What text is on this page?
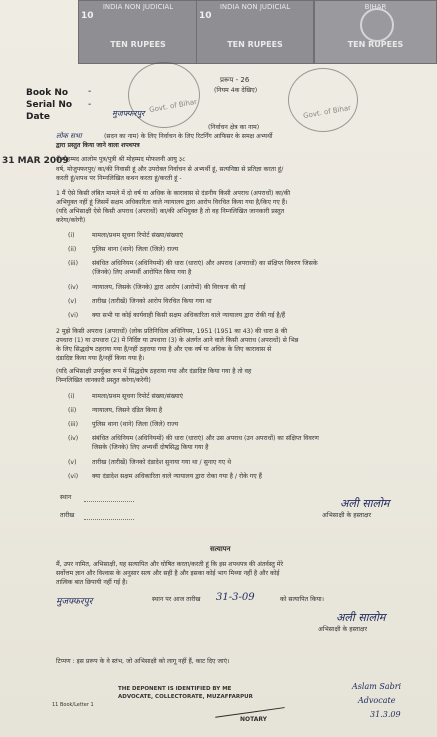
INDIA NON JUDICIAL
10
TEN RUPEES
INDIA NON JUDICIAL
10
TEN RUPEES
BIHAR
TEN RUPEES
Govt. of Bihar	Govt. of Bihar
Book No -
Serial No -
Date	मुजफ्फरपुर
प्ररूप - 26
(नियम 4क देखिए)
(निर्वाचन क्षेत्र का नाम)
31 MAR 2009
लोक सभा	(सदन का नाम) के लिए निर्वाचन के लिए रिटर्निंग आफिसर के समक्ष अभ्यर्थी
द्वारा प्रस्तुत किया जाने वाला शपथपत्र
मैं मोहम्मद आलोम पुत्र/पुत्री श्री मोहम्मद मोफलनी आयु ३८
वर्ष, मोजुफ्फरपुर/ का/की निवासी हूं और उपरोक्त निर्वाचन से अभ्यर्थी हूं, सत्यनिष्ठा से प्रतिज्ञा करता हूं/
करती हूं/शपथ पर निम्नलिखित कथन करता हूं/करती हूं -
1 मैं ऐसे किसी लंबित मामले में दो वर्ष या अधिक के कारावास से दंडनीय किसी अपराध (अपराधों) का/की
अभियुक्त नहीं हूं जिसमें सक्षम अधिकारिता वाले न्यायालय द्वारा आरोप विरचित किया गया है/किए गए हैं।
(यदि अभिसाक्षी ऐसे किसी अपराध (अपराधों) का/की अभियुक्त है तो वह निम्नलिखित जानकारी प्रस्तुत
करेगा/करेगी)
(i)	मामला/प्रथम सूचना रिपोर्ट संख्या/संख्याएं
(ii)	पुलिस थाना (थाने) जिला (जिले) राज्य
(iii) संबंधित अधिनियम (अधिनियमों) की धारा (धाराएं) और अपराध (अपराधों) का संक्षिप्त विवरण जिसके
(जिनके) लिए अभ्यर्थी आरोपित किया गया है
(iv) न्यायालय, जिसके (जिनके) द्वारा आरोप (आरोपों) की विरचना की गई
(v)	तारीख (तारीखें) जिनको आरोप विरचित किया गया था
(vi) क्या सभी या कोई कार्यवाही किसी सक्षम अधिकारिता वाले न्यायालय द्वारा रोकी गई है/हैं
2 मुझे किसी अपराध (अपराधों) (लोक प्रतिनिधित्व अधिनियम, 1951 (1951 का 43) की धारा 8 की
उपधारा (1) या उपधारा (2) में निर्दिष्ट या उपधारा (3) के अंतर्गत आने वाले किसी अपराध (अपराधों) से भिन्न
के लिए सिद्धदोष ठहराया गया है/नहीं ठहराया गया है और एक वर्ष या अधिक के लिए कारावास से
दंडादिष्ट किया गया है/नहीं किया गया है।
(यदि अभिसाक्षी उपर्युक्त रूप में सिद्धदोष ठहराया गया और दंडादिष्ट किया गया है तो वह
निम्नलिखित जानकारी प्रस्तुत करेगा/करेगी)
(i)	मामला/प्रथम सूचना रिपोर्ट संख्या/संख्याएं
(ii)	न्यायालय, जिसने दंडित किया है
(iii) पुलिस थाना (थाने) जिला (जिले) राज्य
(iv) संबंधित अधिनियम (अधिनियमों) की धारा (धाराएं) और उस अपराध (उन अपराधों) का संक्षिप्त विवरण
जिसके (जिनके) लिए अभ्यर्थी दोषसिद्ध किया गया है
(v)	तारीख (तारीखें) जिनको दंडादेश सुनाया गया था / सुनाए गए थे
(vi) क्या दंडादेश सक्षम अधिकारिता वाले न्यायालय द्वारा रोका गया है / रोके गए हैं
स्थान
तारीख
अली सालोम
अभिसाक्षी के हस्ताक्षर
सत्यापन
मैं, उपर नामित, अभिसाक्षी, यह सत्यापित और घोषित करता/करती हूं कि इस शपथपत्र की अंतर्वस्तु मेरे
सर्वोत्तम ज्ञान और विश्वास के अनुसार सत्य और सही है और इसका कोई भाग मिथ्या नहीं है और कोई
तात्विक बात छिपायी नहीं गई है।
मुजफ्फरपुर	स्थान पर आज तारीख 31-3-09	को सत्यापित किया।
अली सालोम
अभिसाक्षी के हस्ताक्षर
टिप्पण : इस प्ररूप के वे स्तंभ, जो अभिसाक्षी को लागू नहीं हैं, काट दिए जाएं।
11 Book/Letter 1
THE DEPONENT IS IDENTIFIED BY ME
ADVOCATE, COLLECTORATE, MUZAFFARPUR
NOTARY
Aslam Sabri
Advocate
31.3.09
